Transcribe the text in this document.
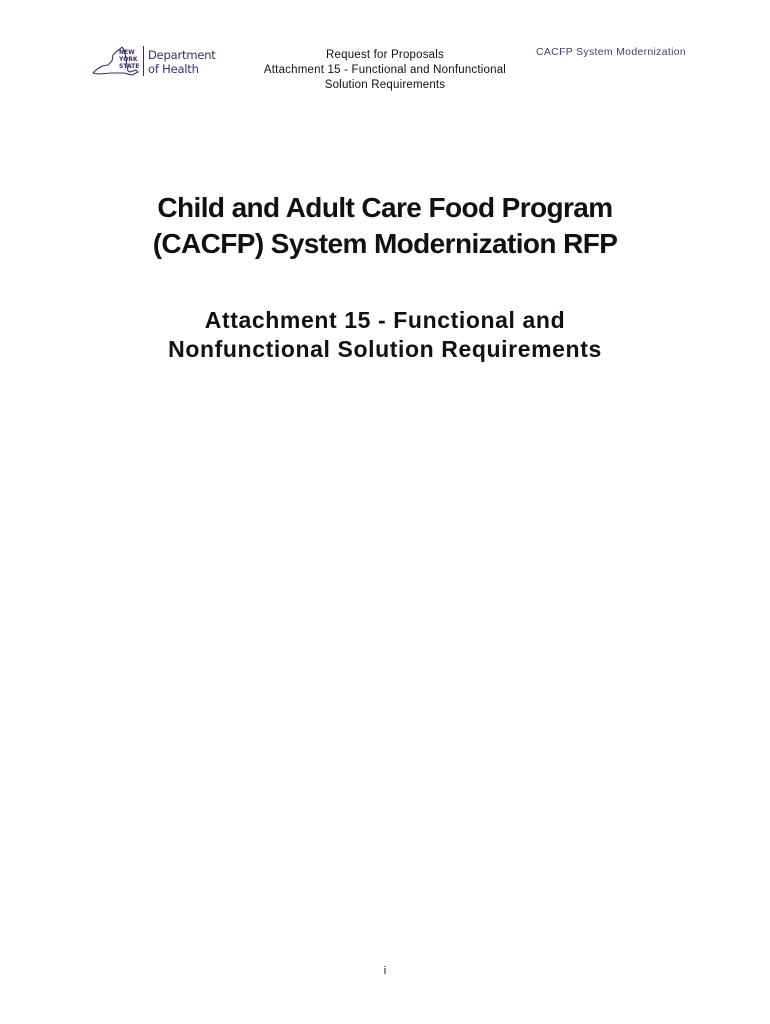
NEW
YORK
STATE
Department
of Health
Request for Proposals
Attachment 15 - Functional and Nonfunctional
Solution Requirements
CACFP System Modernization
Child and Adult Care Food Program
(CACFP) System Modernization RFP
Attachment 15 - Functional and
Nonfunctional Solution Requirements
i
